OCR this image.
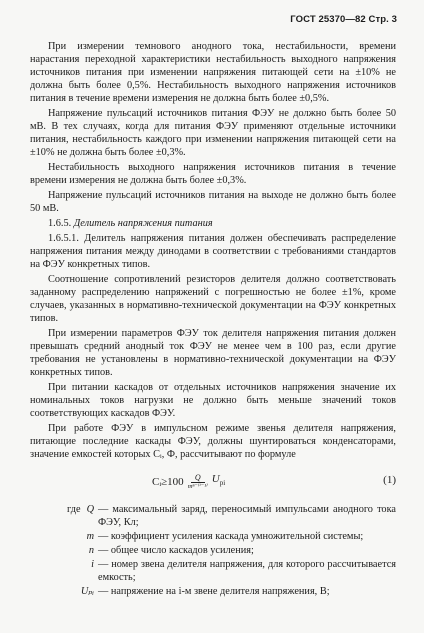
ГОСТ 25370—82 Стр. 3

При измерении темнового анодного тока, нестабильности, времени нарастания переходной характеристики нестабильность выходного напряжения источников питания при изменении напряжения питающей сети на ±10% не должна быть более 0,5%. Нестабильность выходного напряжения источников питания в течение времени измерения не должна быть более ±0,5%.

Напряжение пульсаций источников питания ФЭУ не должно быть более 50 мВ. В тех случаях, когда для питания ФЭУ применяют отдельные источники питания, нестабильность каждого при изменении напряжения питающей сети на ±10% не должна быть более ±0,3%.

Нестабильность выходного напряжения источников питания в течение времени измерения не должна быть более ±0,3%.

Напряжение пульсаций источников питания на выходе не должно быть более 50 мВ.

1.6.5. Делитель напряжения питания

1.6.5.1. Делитель напряжения питания должен обеспечивать распределение напряжения питания между динодами в соответствии с требованиями стандартов на ФЭУ конкретных типов.

Соотношение сопротивлений резисторов делителя должно соответствовать заданному распределению напряжений с погрешностью не более ±1%, кроме случаев, указанных в нормативно-технической документации на ФЭУ конкретных типов.

При измерении параметров ФЭУ ток делителя напряжения питания должен превышать средний анодный ток ФЭУ не менее чем в 100 раз, если другие требования не установлены в нормативно-технической документации на ФЭУ конкретных типов.

При питании каскадов от отдельных источников напряжения значение их номинальных токов нагрузки не должно быть меньше значений токов соответствующих каскадов ФЭУ.

При работе ФЭУ в импульсном режиме звенья делителя напряжения, питающие последние каскады ФЭУ, должны шунтироваться конденсаторами, значение емкостей которых Cᵢ, Ф, рассчитывают по формуле

Cᵢ≥100 $\frac{Q}{\text{mⁿ⁻⁽ⁱ⁻¹⁾}} U_{pi}$	(1)
где Q — максимальный заряд, переносимый импульсами анодного тока ФЭУ, Кл;
m — коэффициент усиления каскада умножительной системы;
n — общее число каскадов усиления;
i — номер звена делителя напряжения, для которого рассчитывается емкость;
Uₚᵢ — напряжение на i-м звене делителя напряжения, В;
